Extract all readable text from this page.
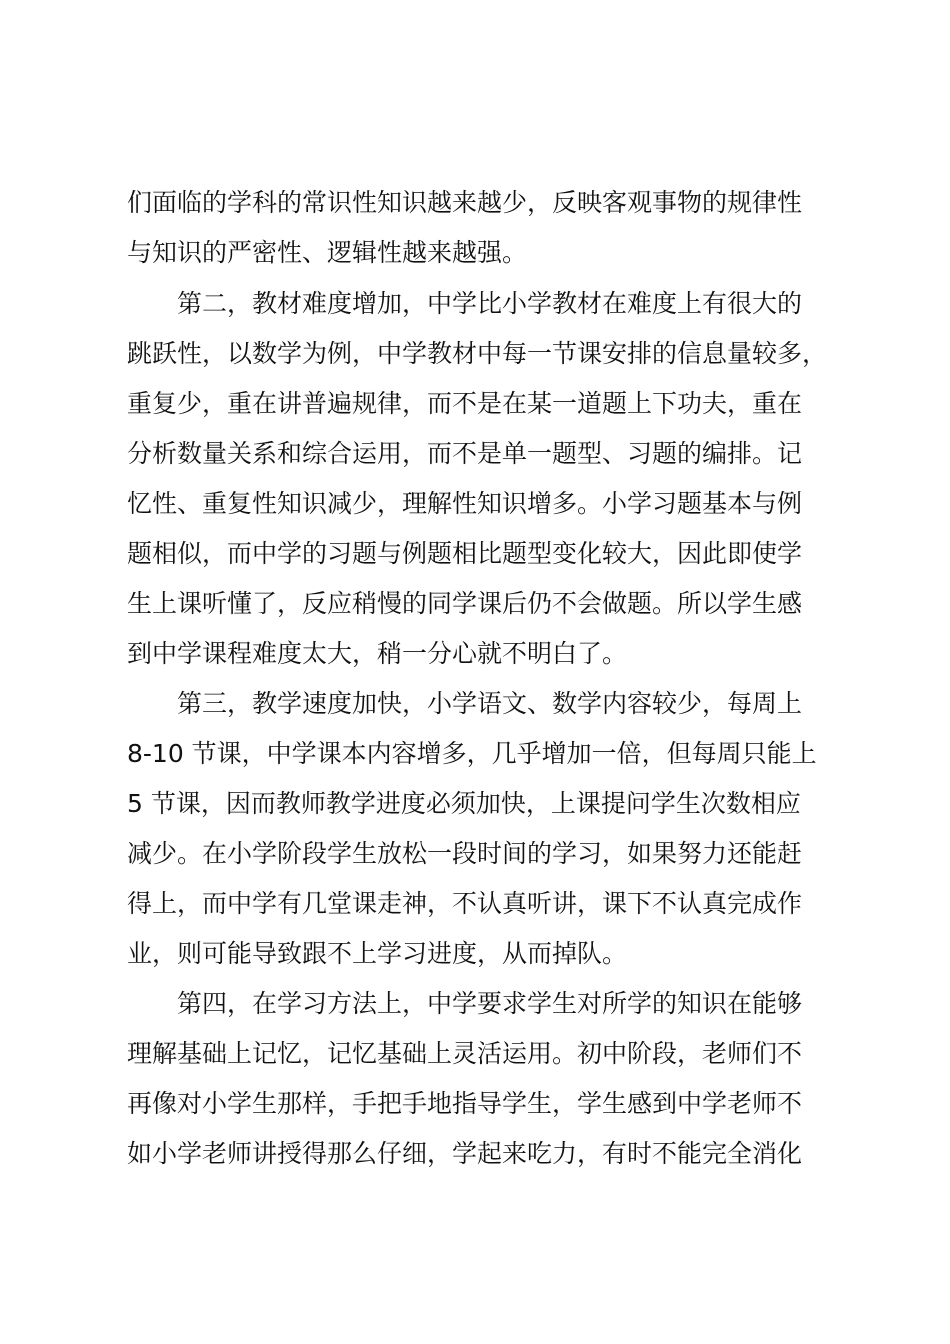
们面临的学科的常识性知识越来越少，反映客观事物的规律性
与知识的严密性、逻辑性越来越强。
第二，教材难度增加，中学比小学教材在难度上有很大的
跳跃性，以数学为例，中学教材中每一节课安排的信息量较多，
重复少，重在讲普遍规律，而不是在某一道题上下功夫，重在
分析数量关系和综合运用，而不是单一题型、习题的编排。记
忆性、重复性知识减少，理解性知识增多。小学习题基本与例
题相似，而中学的习题与例题相比题型变化较大，因此即使学
生上课听懂了，反应稍慢的同学课后仍不会做题。所以学生感
到中学课程难度太大，稍一分心就不明白了。
第三，教学速度加快，小学语文、数学内容较少，每周上
8-10 节课，中学课本内容增多，几乎增加一倍，但每周只能上
5 节课，因而教师教学进度必须加快，上课提问学生次数相应
减少。在小学阶段学生放松一段时间的学习，如果努力还能赶
得上，而中学有几堂课走神，不认真听讲，课下不认真完成作
业，则可能导致跟不上学习进度，从而掉队。
第四，在学习方法上，中学要求学生对所学的知识在能够
理解基础上记忆，记忆基础上灵活运用。初中阶段，老师们不
再像对小学生那样，手把手地指导学生，学生感到中学老师不
如小学老师讲授得那么仔细，学起来吃力，有时不能完全消化
